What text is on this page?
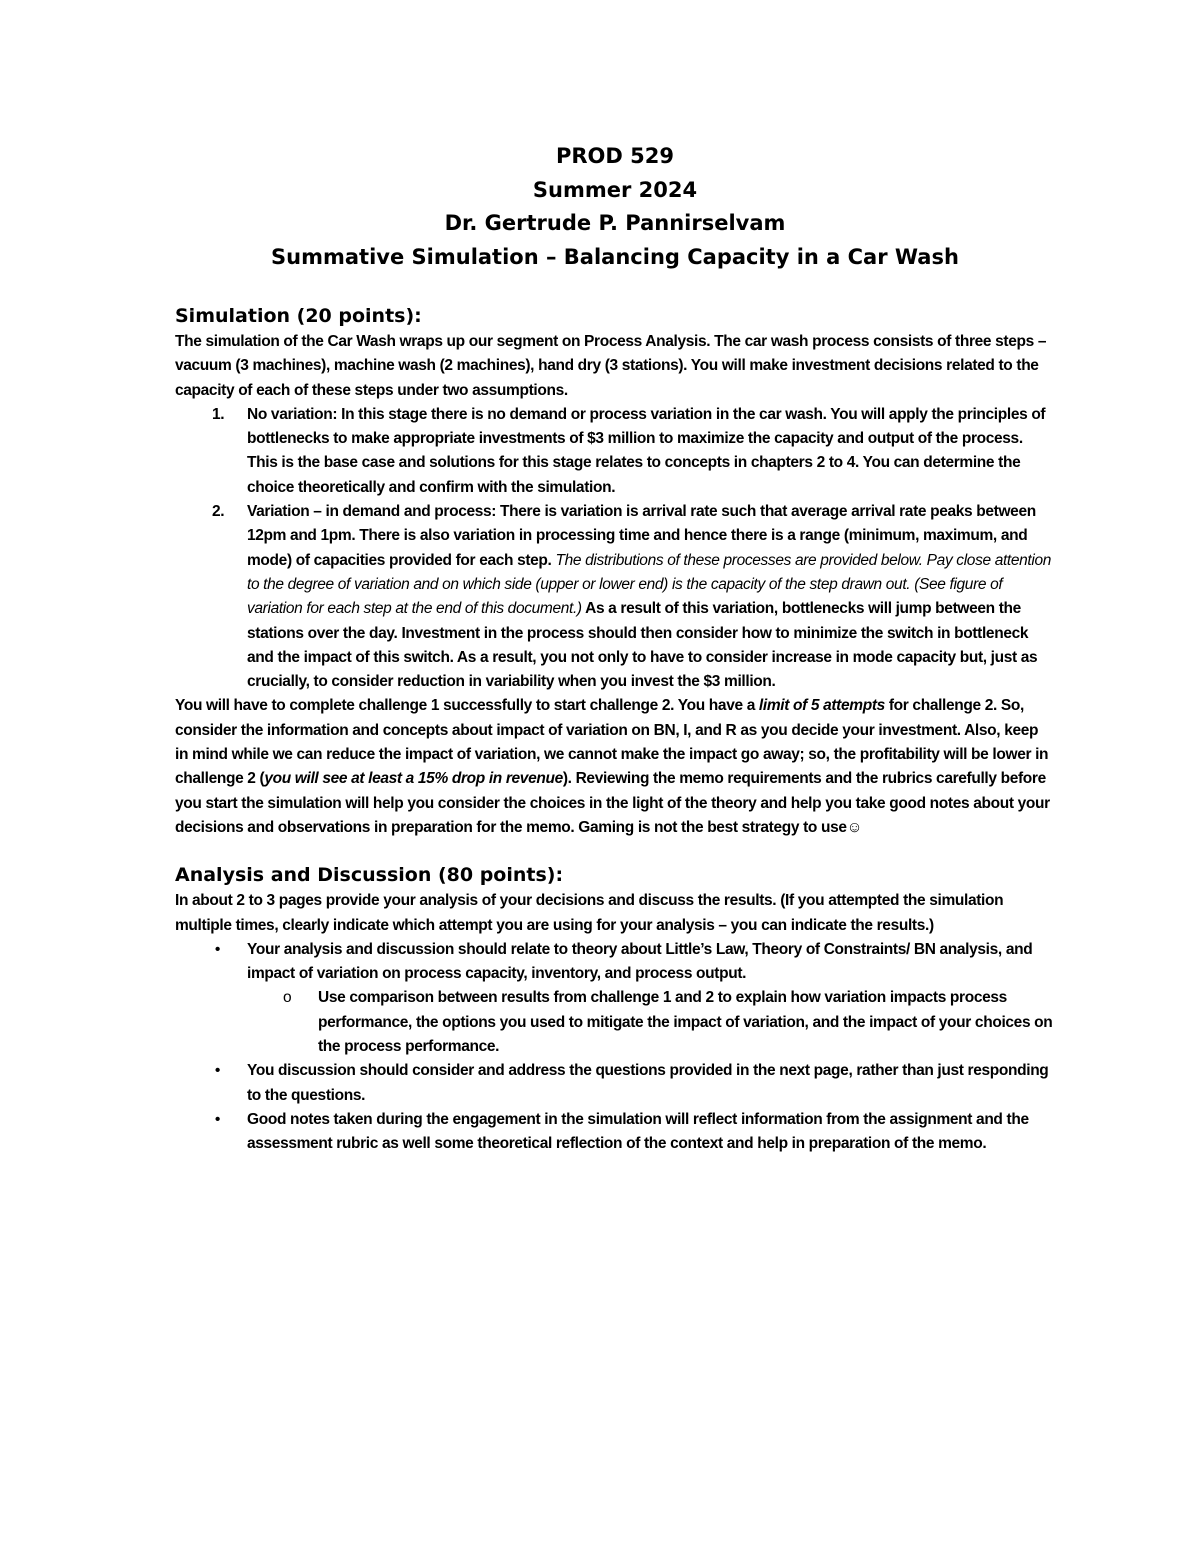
PROD 529
Summer 2024
Dr. Gertrude P. Pannirselvam
Summative Simulation – Balancing Capacity in a Car Wash
Simulation (20 points):

The simulation of the Car Wash wraps up our segment on Process Analysis. The car wash process consists of three steps – vacuum (3 machines), machine wash (2 machines), hand dry (3 stations). You will make investment decisions related to the capacity of each of these steps under two assumptions.

1. No variation: In this stage there is no demand or process variation in the car wash. You will apply the principles of bottlenecks to make appropriate investments of $3 million to maximize the capacity and output of the process. This is the base case and solutions for this stage relates to concepts in chapters 2 to 4. You can determine the choice theoretically and confirm with the simulation.
2. Variation – in demand and process: There is variation is arrival rate such that average arrival rate peaks between 12pm and 1pm. There is also variation in processing time and hence there is a range (minimum, maximum, and mode) of capacities provided for each step. The distributions of these processes are provided below. Pay close attention to the degree of variation and on which side (upper or lower end) is the capacity of the step drawn out. (See figure of variation for each step at the end of this document.) As a result of this variation, bottlenecks will jump between the stations over the day. Investment in the process should then consider how to minimize the switch in bottleneck and the impact of this switch. As a result, you not only to have to consider increase in mode capacity but, just as crucially, to consider reduction in variability when you invest the $3 million.

You will have to complete challenge 1 successfully to start challenge 2. You have a limit of 5 attempts for challenge 2. So, consider the information and concepts about impact of variation on BN, I, and R as you decide your investment. Also, keep in mind while we can reduce the impact of variation, we cannot make the impact go away; so, the profitability will be lower in challenge 2 (you will see at least a 15% drop in revenue). Reviewing the memo requirements and the rubrics carefully before you start the simulation will help you consider the choices in the light of the theory and help you take good notes about your decisions and observations in preparation for the memo. Gaming is not the best strategy to use☺

Analysis and Discussion (80 points):

In about 2 to 3 pages provide your analysis of your decisions and discuss the results. (If you attempted the simulation multiple times, clearly indicate which attempt you are using for your analysis – you can indicate the results.)

• Your analysis and discussion should relate to theory about Little’s Law, Theory of Constraints/ BN analysis, and impact of variation on process capacity, inventory, and process output.
o Use comparison between results from challenge 1 and 2 to explain how variation impacts process performance, the options you used to mitigate the impact of variation, and the impact of your choices on the process performance.
• You discussion should consider and address the questions provided in the next page, rather than just responding to the questions.
• Good notes taken during the engagement in the simulation will reflect information from the assignment and the assessment rubric as well some theoretical reflection of the context and help in preparation of the memo.
